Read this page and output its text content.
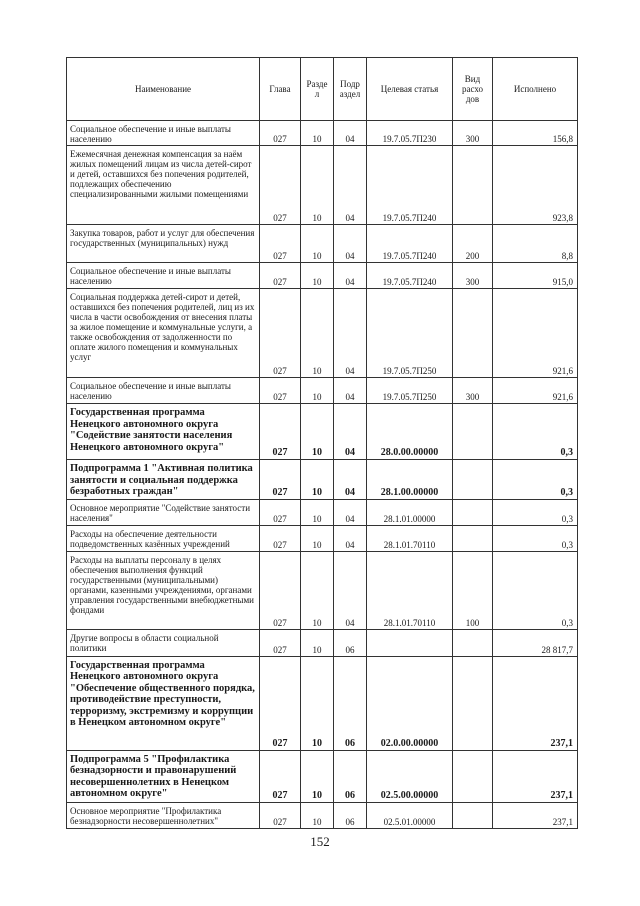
Наименование	Глава	Разде л	Подр аздел	Целевая статья	Вид расхо дов	Исполнено
Социальное обеспечение и иные выплаты населению	027	10	04	19.7.05.7П230	300	156,8
Ежемесячная денежная компенсация за наём жилых помещений лицам из числа детей-сирот и детей, оставшихся без попечения родителей, подлежащих обеспечению специализированными жилыми помещениями	027	10	04	19.7.05.7П240		923,8
Закупка товаров, работ и услуг для обеспечения государственных (муниципальных) нужд	027	10	04	19.7.05.7П240	200	8,8
Социальное обеспечение и иные выплаты населению	027	10	04	19.7.05.7П240	300	915,0
Социальная поддержка детей-сирот и детей, оставшихся без попечения родителей, лиц из их числа в части освобождения от внесения платы за жилое помещение и коммунальные услуги, а также освобождения от задолженности по оплате жилого помещения и коммунальных услуг	027	10	04	19.7.05.7П250		921,6
Социальное обеспечение и иные выплаты населению	027	10	04	19.7.05.7П250	300	921,6
Государственная программа Ненецкого автономного округа "Содействие занятости населения Ненецкого автономного округа"	027	10	04	28.0.00.00000		0,3
Подпрограмма 1 "Активная политика занятости и социальная поддержка безработных граждан"	027	10	04	28.1.00.00000		0,3
Основное мероприятие "Содействие занятости населения"	027	10	04	28.1.01.00000		0,3
Расходы на обеспечение деятельности подведомственных казённых учреждений	027	10	04	28.1.01.70110		0,3
Расходы на выплаты персоналу в целях обеспечения выполнения функций государственными (муниципальными) органами, казенными учреждениями, органами управления государственными внебюджетными фондами	027	10	04	28.1.01.70110	100	0,3
Другие вопросы в области социальной политики	027	10	06			28 817,7
Государственная программа Ненецкого автономного округа "Обеспечение общественного порядка, противодействие преступности, терроризму, экстремизму и коррупции в Ненецком автономном округе"	027	10	06	02.0.00.00000		237,1
Подпрограмма 5 "Профилактика безнадзорности и правонарушений несовершеннолетних в Ненецком автономном округе"	027	10	06	02.5.00.00000		237,1
Основное мероприятие "Профилактика безнадзорности несовершеннолетних"	027	10	06	02.5.01.00000		237,1
152
